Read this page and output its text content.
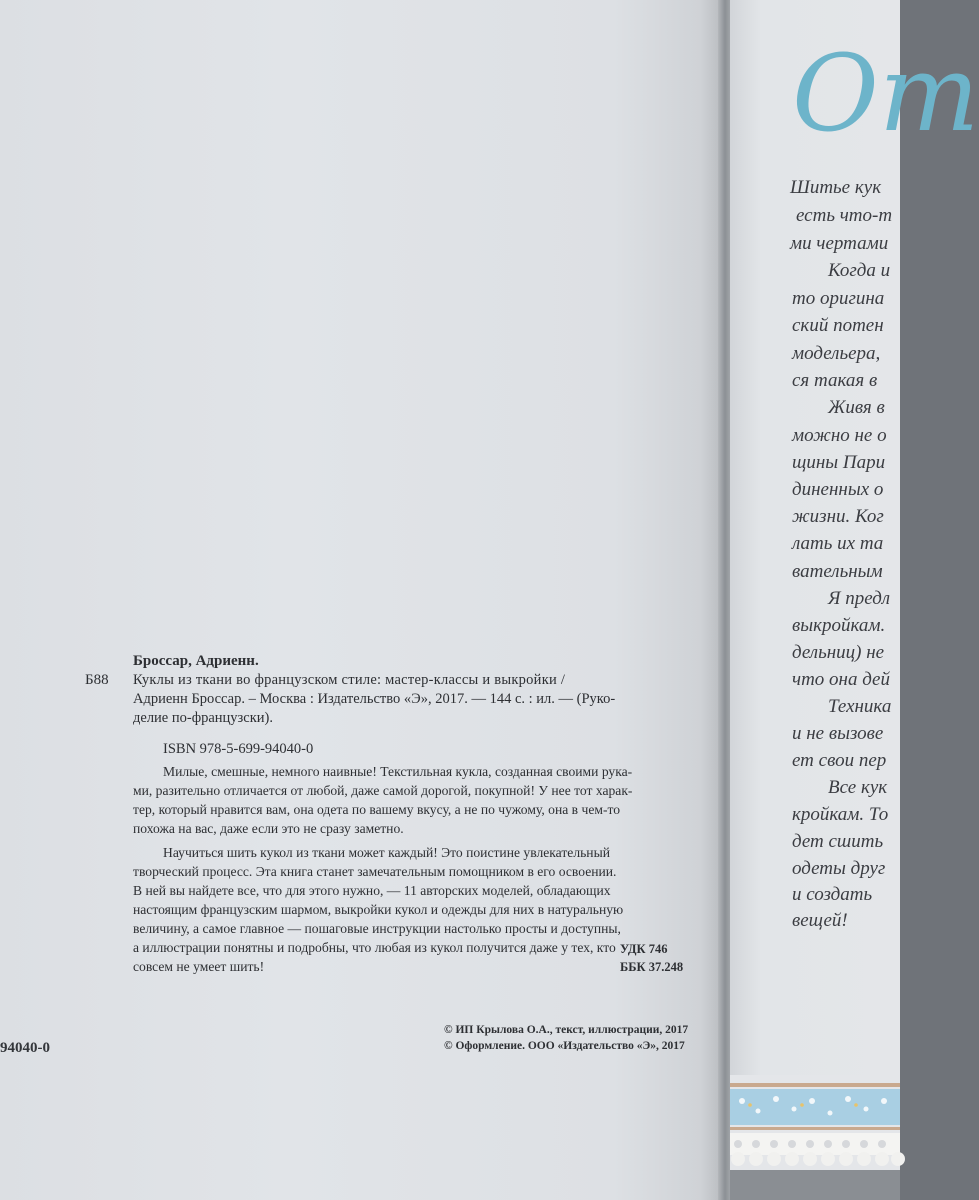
Броссар, Адриенн.
Б88 Куклы из ткани во французском стиле: мастер-классы и выкройки /
Адриенн Броссар. – Москва : Издательство «Э», 2017. — 144 с. : ил. — (Руко-
делие по-французски).
ISBN 978-5-699-94040-0
Милые, смешные, немного наивные! Текстильная кукла, созданная своими рука-
ми, разительно отличается от любой, даже самой дорогой, покупной! У нее тот харак-
тер, который нравится вам, она одета по вашему вкусу, а не по чужому, она в чем-то
похожа на вас, даже если это не сразу заметно.
Научиться шить кукол из ткани может каждый! Это поистине увлекательный
творческий процесс. Эта книга станет замечательным помощником в его освоении.
В ней вы найдете все, что для этого нужно, — 11 авторских моделей, обладающих
настоящим французским шармом, выкройки кукол и одежды для них в натуральную
величину, а самое главное — пошаговые инструкции настолько просты и доступны,
а иллюстрации понятны и подробны, что любая из кукол получится даже у тех, кто
совсем не умеет шить!
УДК 746
ББК 37.248
94040-0
© ИП Крылова О.А., текст, иллюстрации, 2017
© Оформление. ООО «Издательство «Э», 2017
От
Шитье кук
есть что-т
ми чертами
Когда и
то оригина
ский потен
модельера,
ся такая в
Живя в
можно не о
щины Пари
диненных о
жизни. Ког
лать их та
вательным
Я предл
выкройкам.
дельниц) не
что она дей
Техника
и не вызове
ет свои пер
Все кук
кройкам. То
дет сшить
одеты друг
и создать
вещей!
